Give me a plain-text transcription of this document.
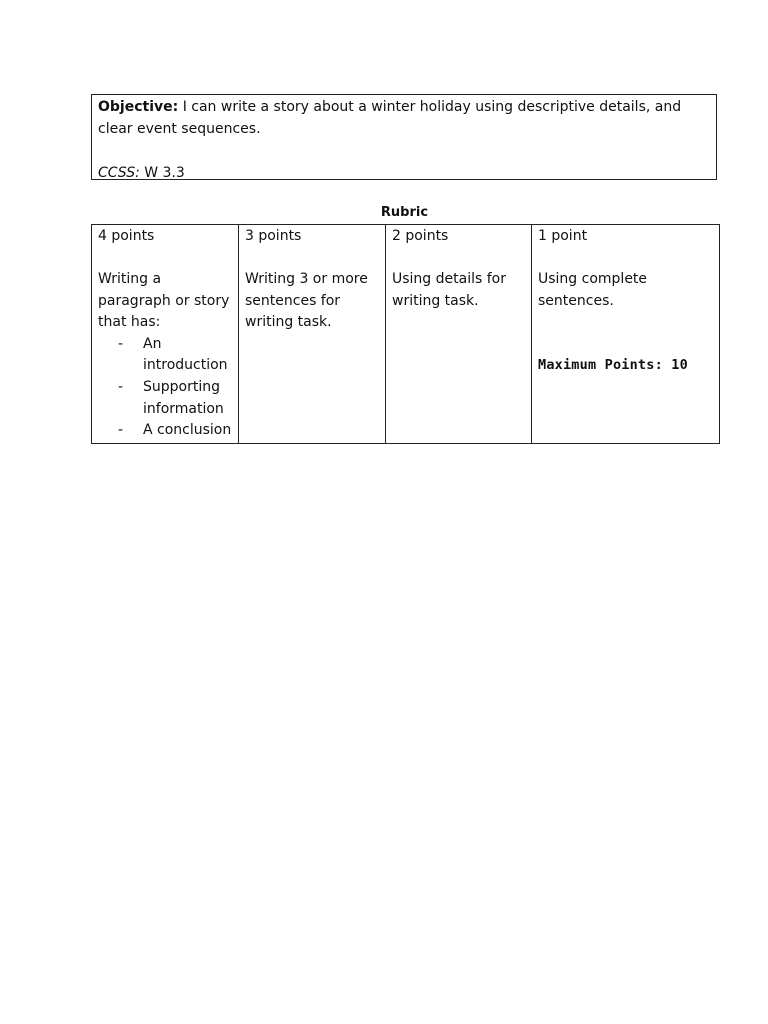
Objective: I can write a story about a winter holiday using descriptive details, and clear event sequences.
CCSS: W 3.3
Rubric
4 points
Writing a paragraph or story that has:
- An introduction
- Supporting information
- A conclusion

3 points
Writing 3 or more sentences for writing task.

2 points
Using details for writing task.

1 point
Using complete sentences.
Maximum Points: 10
